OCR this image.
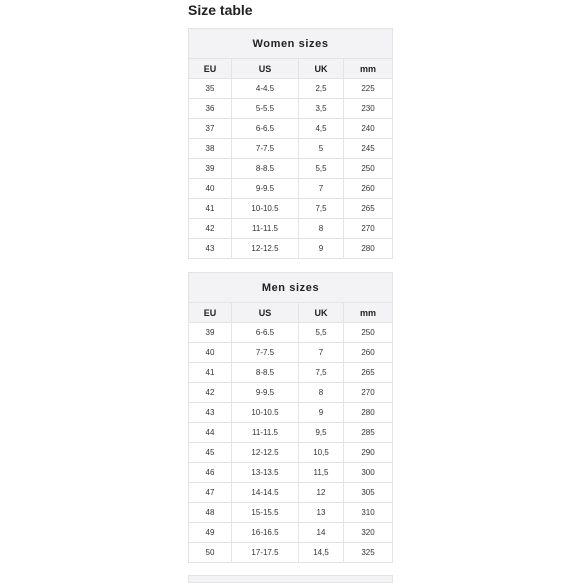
Size table
Women sizes			
EU	US	UK	mm
35	4-4.5	2,5	225
36	5-5.5	3,5	230
37	6-6.5	4,5	240
38	7-7.5	5	245
39	8-8.5	5,5	250
40	9-9.5	7	260
41	10-10.5	7,5	265
42	11-11.5	8	270
43	12-12.5	9	280
Men sizes			
EU	US	UK	mm
39	6-6.5	5,5	250
40	7-7.5	7	260
41	8-8.5	7,5	265
42	9-9.5	8	270
43	10-10.5	9	280
44	11-11.5	9,5	285
45	12-12.5	10,5	290
46	13-13.5	11,5	300
47	14-14.5	12	305
48	15-15.5	13	310
49	16-16.5	14	320
50	17-17.5	14,5	325
